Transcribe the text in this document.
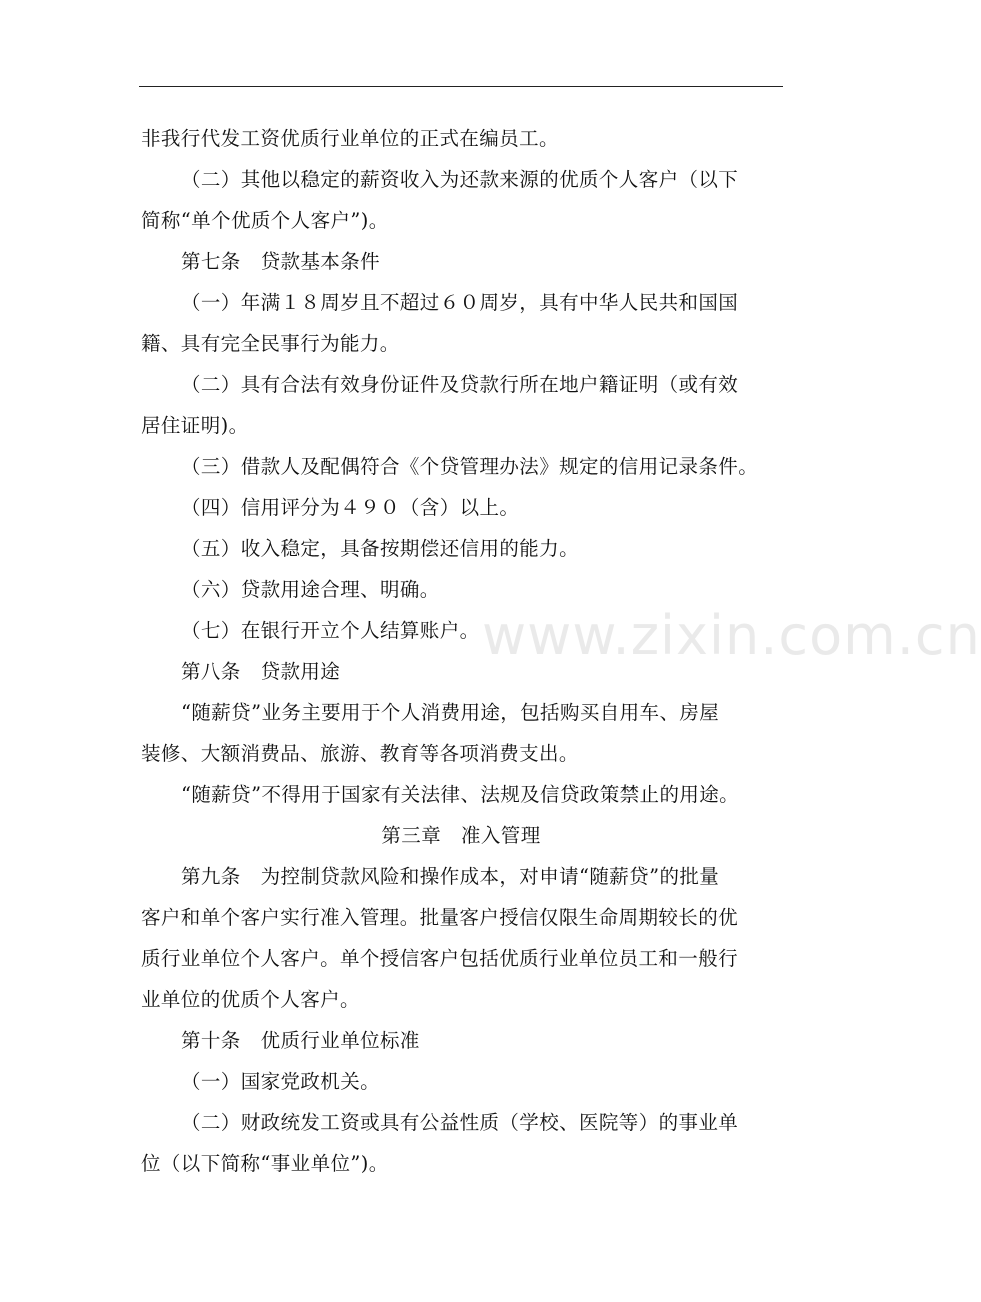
www.zixin.com.cn
非我行代发工资优质行业单位的正式在编员工。
（二）其他以稳定的薪资收入为还款来源的优质个人客户（以下
简称“单个优质个人客户”)。
第七条　贷款基本条件
（一）年满１８周岁且不超过６０周岁，具有中华人民共和国国
籍、具有完全民事行为能力。
（二）具有合法有效身份证件及贷款行所在地户籍证明（或有效
居住证明)。
（三）借款人及配偶符合《个贷管理办法》规定的信用记录条件。
（四）信用评分为４９０（含）以上。
（五）收入稳定，具备按期偿还信用的能力。
（六）贷款用途合理、明确。
（七）在银行开立个人结算账户。
第八条　贷款用途
“随薪贷”业务主要用于个人消费用途，包括购买自用车、房屋
装修、大额消费品、旅游、教育等各项消费支出。
“随薪贷”不得用于国家有关法律、法规及信贷政策禁止的用途。
第三章　准入管理
第九条　为控制贷款风险和操作成本，对申请“随薪贷”的批量
客户和单个客户实行准入管理。批量客户授信仅限生命周期较长的优
质行业单位个人客户。单个授信客户包括优质行业单位员工和一般行
业单位的优质个人客户。
第十条　优质行业单位标准
（一）国家党政机关。
（二）财政统发工资或具有公益性质（学校、医院等）的事业单
位（以下简称“事业单位”)。
